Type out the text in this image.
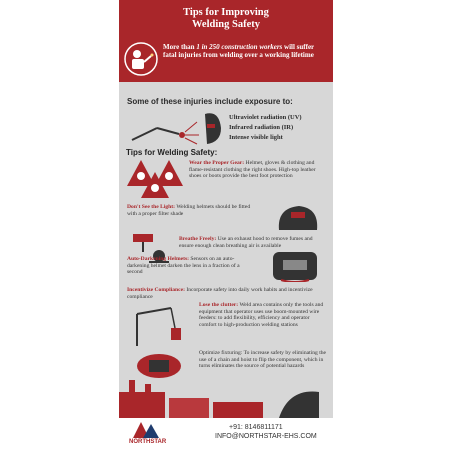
Tips for Improving
Welding Safety
More than 1 in 250 construction workers will suffer fatal injuries from welding over a working lifetime
Some of these injuries include exposure to:
Ultraviolet radiation (UV)
Infrared radiation (IR)
Intense visible light
Tips for Welding Safety:
Wear the Proper Gear: Helmet, gloves & clothing and flame-resistant clothing the right shoes. High-top leather shoes or boots provide the best foot protection
Don't See the Light: Welding helmets should be fitted with a proper filter shade
Breathe Freely: Use an exhaust hood to remove fumes and ensure enough clean breathing air is available
Auto-Darkening Helmets: Sensors on an auto-darkening helmet darken the lens in a fraction of a second
Incentivize Compliance: Incorporate safety into daily work habits and incentivize compliance
Lose the clutter: Weld area contains only the tools and equipment that operator uses use boom-mounted wire feeders: to add flexibility, efficiency and operator comfort to high-production welding stations
Optimize fixturing: To increase safety by eliminating the use of a chain and hoist to flip the component, which in turns eliminates the source of potential hazards
NORTHSTAR
+91: 8146811171
INFO@NORTHSTAR-EHS.COM
